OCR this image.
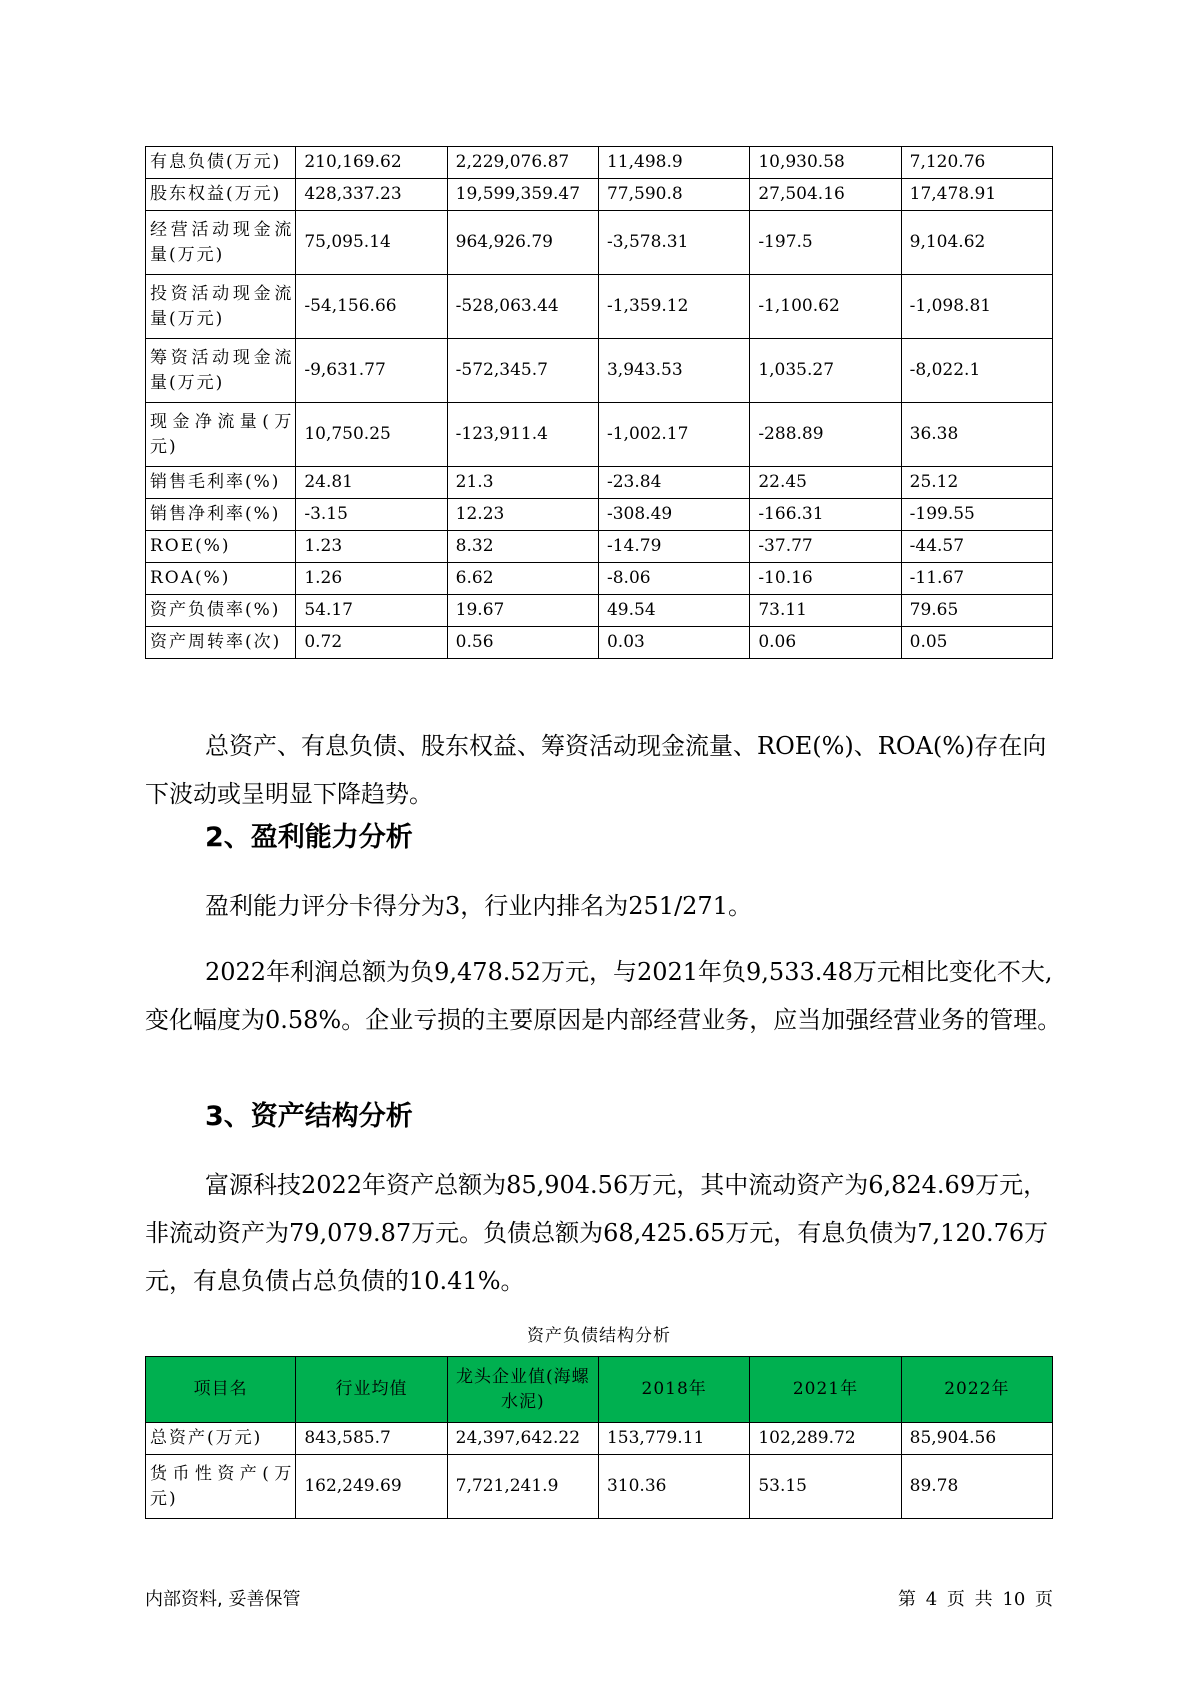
有息负债(万元)	210,169.62	2,229,076.87	11,498.9	10,930.58	7,120.76
股东权益(万元)	428,337.23	19,599,359.47	77,590.8	27,504.16	17,478.91
经营活动现金流量(万元)	75,095.14	964,926.79	-3,578.31	-197.5	9,104.62
投资活动现金流量(万元)	-54,156.66	-528,063.44	-1,359.12	-1,100.62	-1,098.81
筹资活动现金流量(万元)	-9,631.77	-572,345.7	3,943.53	1,035.27	-8,022.1
现金净流量(万元)	10,750.25	-123,911.4	-1,002.17	-288.89	36.38
销售毛利率(%)	24.81	21.3	-23.84	22.45	25.12
销售净利率(%)	-3.15	12.23	-308.49	-166.31	-199.55
ROE(%)	1.23	8.32	-14.79	-37.77	-44.57
ROA(%)	1.26	6.62	-8.06	-10.16	-11.67
资产负债率(%)	54.17	19.67	49.54	73.11	79.65
资产周转率(次)	0.72	0.56	0.03	0.06	0.05

总资产、有息负债、股东权益、筹资活动现金流量、ROE(%)、ROA(%)存在向下波动或呈明显下降趋势。

2、盈利能力分析

盈利能力评分卡得分为3，行业内排名为251/271。

2022年利润总额为负9,478.52万元，与2021年负9,533.48万元相比变化不大,变化幅度为0.58%。企业亏损的主要原因是内部经营业务，应当加强经营业务的管理。

3、资产结构分析

富源科技2022年资产总额为85,904.56万元，其中流动资产为6,824.69万元，非流动资产为79,079.87万元。负债总额为68,425.65万元，有息负债为7,120.76万元，有息负债占总负债的10.41%。

资产负债结构分析
项目名	行业均值	龙头企业值(海螺水泥)	2018年	2021年	2022年
总资产(万元)	843,585.7	24,397,642.22	153,779.11	102,289.72	85,904.56
货币性资产(万元)	162,249.69	7,721,241.9	310.36	53.15	89.78
内部资料, 妥善保管	第 4 页 共 10 页
